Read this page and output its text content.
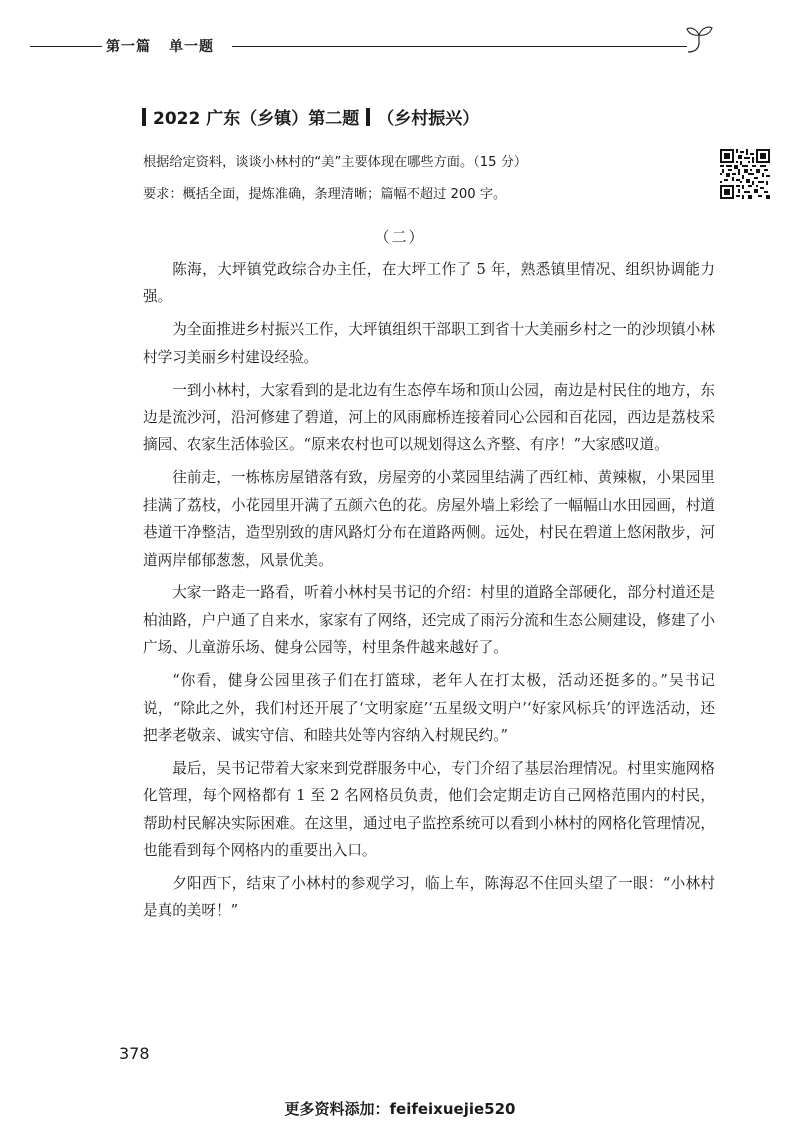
第一篇 单一题
2022 广东（乡镇）第二题 （乡村振兴）
根据给定资料，谈谈小林村的“美”主要体现在哪些方面。（15 分）
要求：概括全面，提炼准确，条理清晰；篇幅不超过 200 字。
（二）

陈海，大坪镇党政综合办主任，在大坪工作了 5 年，熟悉镇里情况、组织协调能力强。

为全面推进乡村振兴工作，大坪镇组织干部职工到省十大美丽乡村之一的沙坝镇小林村学习美丽乡村建设经验。

一到小林村，大家看到的是北边有生态停车场和顶山公园，南边是村民住的地方，东边是流沙河，沿河修建了碧道，河上的风雨廊桥连接着同心公园和百花园，西边是荔枝采摘园、农家生活体验区。“原来农村也可以规划得这么齐整、有序！”大家感叹道。

往前走，一栋栋房屋错落有致，房屋旁的小菜园里结满了西红柿、黄辣椒，小果园里挂满了荔枝，小花园里开满了五颜六色的花。房屋外墙上彩绘了一幅幅山水田园画，村道巷道干净整洁，造型别致的唐风路灯分布在道路两侧。远处，村民在碧道上悠闲散步，河道两岸郁郁葱葱，风景优美。

大家一路走一路看，听着小林村吴书记的介绍：村里的道路全部硬化，部分村道还是柏油路，户户通了自来水，家家有了网络，还完成了雨污分流和生态公厕建设，修建了小广场、儿童游乐场、健身公园等，村里条件越来越好了。

“你看，健身公园里孩子们在打篮球，老年人在打太极，活动还挺多的。”吴书记说，“除此之外，我们村还开展了‘文明家庭’‘五星级文明户’‘好家风标兵’的评选活动，还把孝老敬亲、诚实守信、和睦共处等内容纳入村规民约。”

最后，吴书记带着大家来到党群服务中心，专门介绍了基层治理情况。村里实施网格化管理，每个网格都有 1 至 2 名网格员负责，他们会定期走访自己网格范围内的村民，帮助村民解决实际困难。在这里，通过电子监控系统可以看到小林村的网格化管理情况，也能看到每个网格内的重要出入口。

夕阳西下，结束了小林村的参观学习，临上车，陈海忍不住回头望了一眼：“小林村是真的美呀！”

378
更多资料添加：feifeixuejie520
